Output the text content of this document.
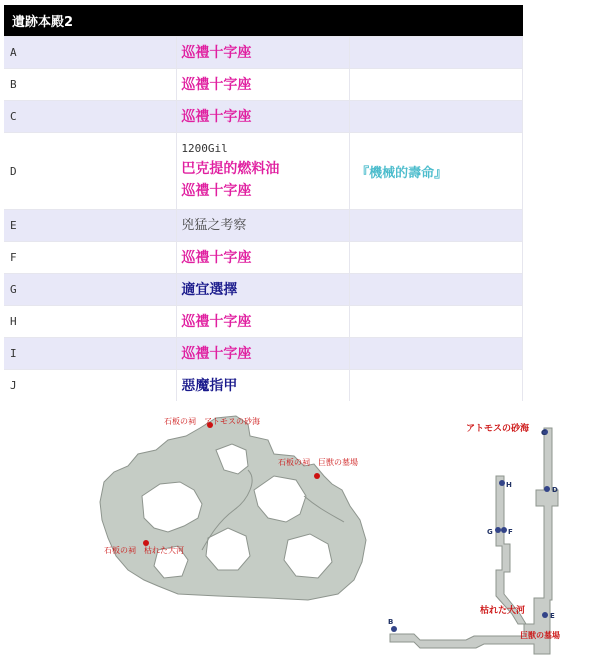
遺跡本殿2		
A	巡禮十字座	

B	巡禮十字座	

C	巡禮十字座	

D	1200Gil
巴克提的燃料油
巡禮十字座	『機械的壽命』
E	兇猛之考察	

F	巡禮十字座	

G	適宜選擇	

H	巡禮十字座	

I	巡禮十字座	

J	惡魔指甲	

石板の祠　アトモスの砂海
石板の祠　巨獣の墓場
石板の祠　枯れた大河
C
D
H
G F
E
B
アトモスの砂海
枯れた大河
巨獣の墓場
